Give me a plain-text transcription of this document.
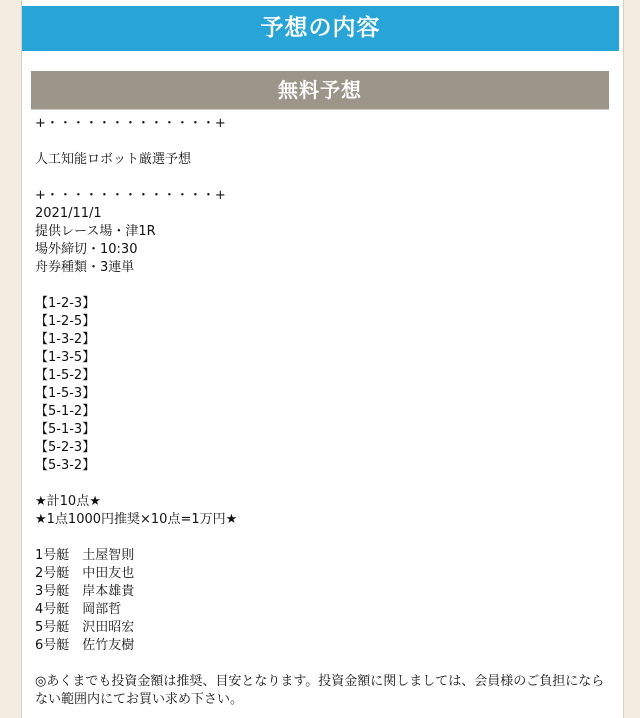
予想の内容
無料予想
+・・・・・・・・・・・・・+
人工知能ロボット厳選予想
+・・・・・・・・・・・・・+
2021/11/1
提供レース場・津1R
場外締切・10:30
舟券種類・3連単
【1-2-3】
【1-2-5】
【1-3-2】
【1-3-5】
【1-5-2】
【1-5-3】
【5-1-2】
【5-1-3】
【5-2-3】
【5-3-2】
★計10点★
★1点1000円推奨×10点=1万円★
1号艇　土屋智則
2号艇　中田友也
3号艇　岸本雄貴
4号艇　岡部哲
5号艇　沢田昭宏
6号艇　佐竹友樹
◎あくまでも投資金額は推奨、目安となります。投資金額に関しましては、会員様のご負担にならない範囲内にてお買い求め下さい。
